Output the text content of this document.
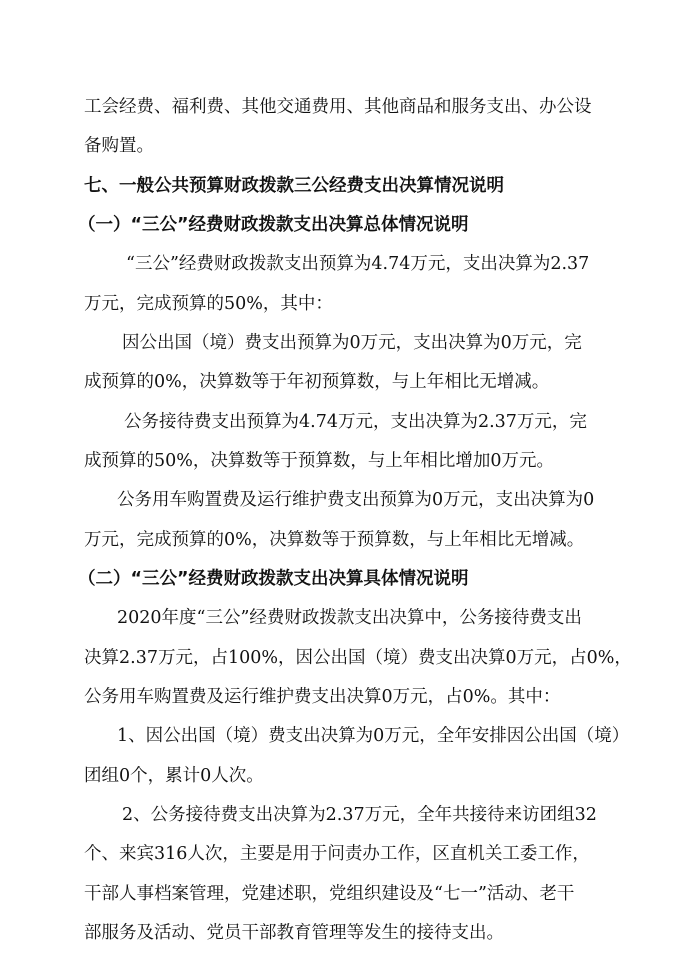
工会经费、福利费、其他交通费用、其他商品和服务支出、办公设
备购置。
七、一般公共预算财政拨款三公经费支出决算情况说明
（一）“三公”经费财政拨款支出决算总体情况说明
“三公”经费财政拨款支出预算为4.74万元，支出决算为2.37
万元，完成预算的50%，其中：
因公出国（境）费支出预算为0万元，支出决算为0万元，完
成预算的0%，决算数等于年初预算数，与上年相比无增减。
公务接待费支出预算为4.74万元，支出决算为2.37万元，完
成预算的50%，决算数等于预算数，与上年相比增加0万元。
公务用车购置费及运行维护费支出预算为0万元，支出决算为0
万元，完成预算的0%，决算数等于预算数，与上年相比无增减。
（二）“三公”经费财政拨款支出决算具体情况说明
2020年度“三公”经费财政拨款支出决算中，公务接待费支出
决算2.37万元，占100%，因公出国（境）费支出决算0万元，占0%，
公务用车购置费及运行维护费支出决算0万元，占0%。其中：
1、因公出国（境）费支出决算为0万元，全年安排因公出国（境）
团组0个，累计0人次。
2、公务接待费支出决算为2.37万元，全年共接待来访团组32
个、来宾316人次，主要是用于问责办工作，区直机关工委工作，
干部人事档案管理，党建述职，党组织建设及“七一”活动、老干
部服务及活动、党员干部教育管理等发生的接待支出。
